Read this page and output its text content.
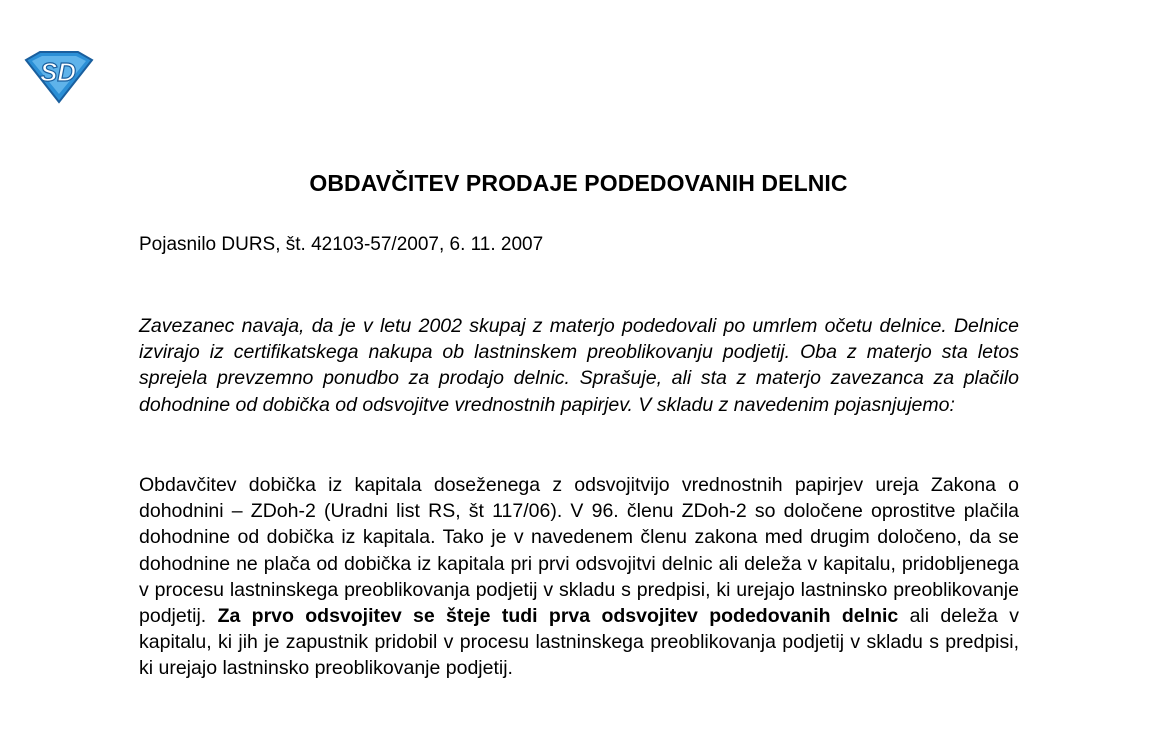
SD
OBDAVČITEV PRODAJE PODEDOVANIH DELNIC
Pojasnilo DURS, št. 42103-57/2007, 6. 11. 2007

Zavezanec navaja, da je v letu 2002 skupaj z materjo podedovali po umrlem očetu delnice. Delnice izvirajo iz certifikatskega nakupa ob lastninskem preoblikovanju podjetij. Oba z materjo sta letos sprejela prevzemno ponudbo za prodajo delnic. Sprašuje, ali sta z materjo zavezanca za plačilo dohodnine od dobička od odsvojitve vrednostnih papirjev. V skladu z navedenim pojasnjujemo:

Obdavčitev dobička iz kapitala doseženega z odsvojitvijo vrednostnih papirjev ureja Zakona o dohodnini – ZDoh-2 (Uradni list RS, št 117/06). V 96. členu ZDoh-2 so določene oprostitve plačila dohodnine od dobička iz kapitala. Tako je v navedenem členu zakona med drugim določeno, da se dohodnine ne plača od dobička iz kapitala pri prvi odsvojitvi delnic ali deleža v kapitalu, pridobljenega v procesu lastninskega preoblikovanja podjetij v skladu s predpisi, ki urejajo lastninsko preoblikovanje podjetij. Za prvo odsvojitev se šteje tudi prva odsvojitev podedovanih delnic ali deleža v kapitalu, ki jih je zapustnik pridobil v procesu lastninskega preoblikovanja podjetij v skladu s predpisi, ki urejajo lastninsko preoblikovanje podjetij.
